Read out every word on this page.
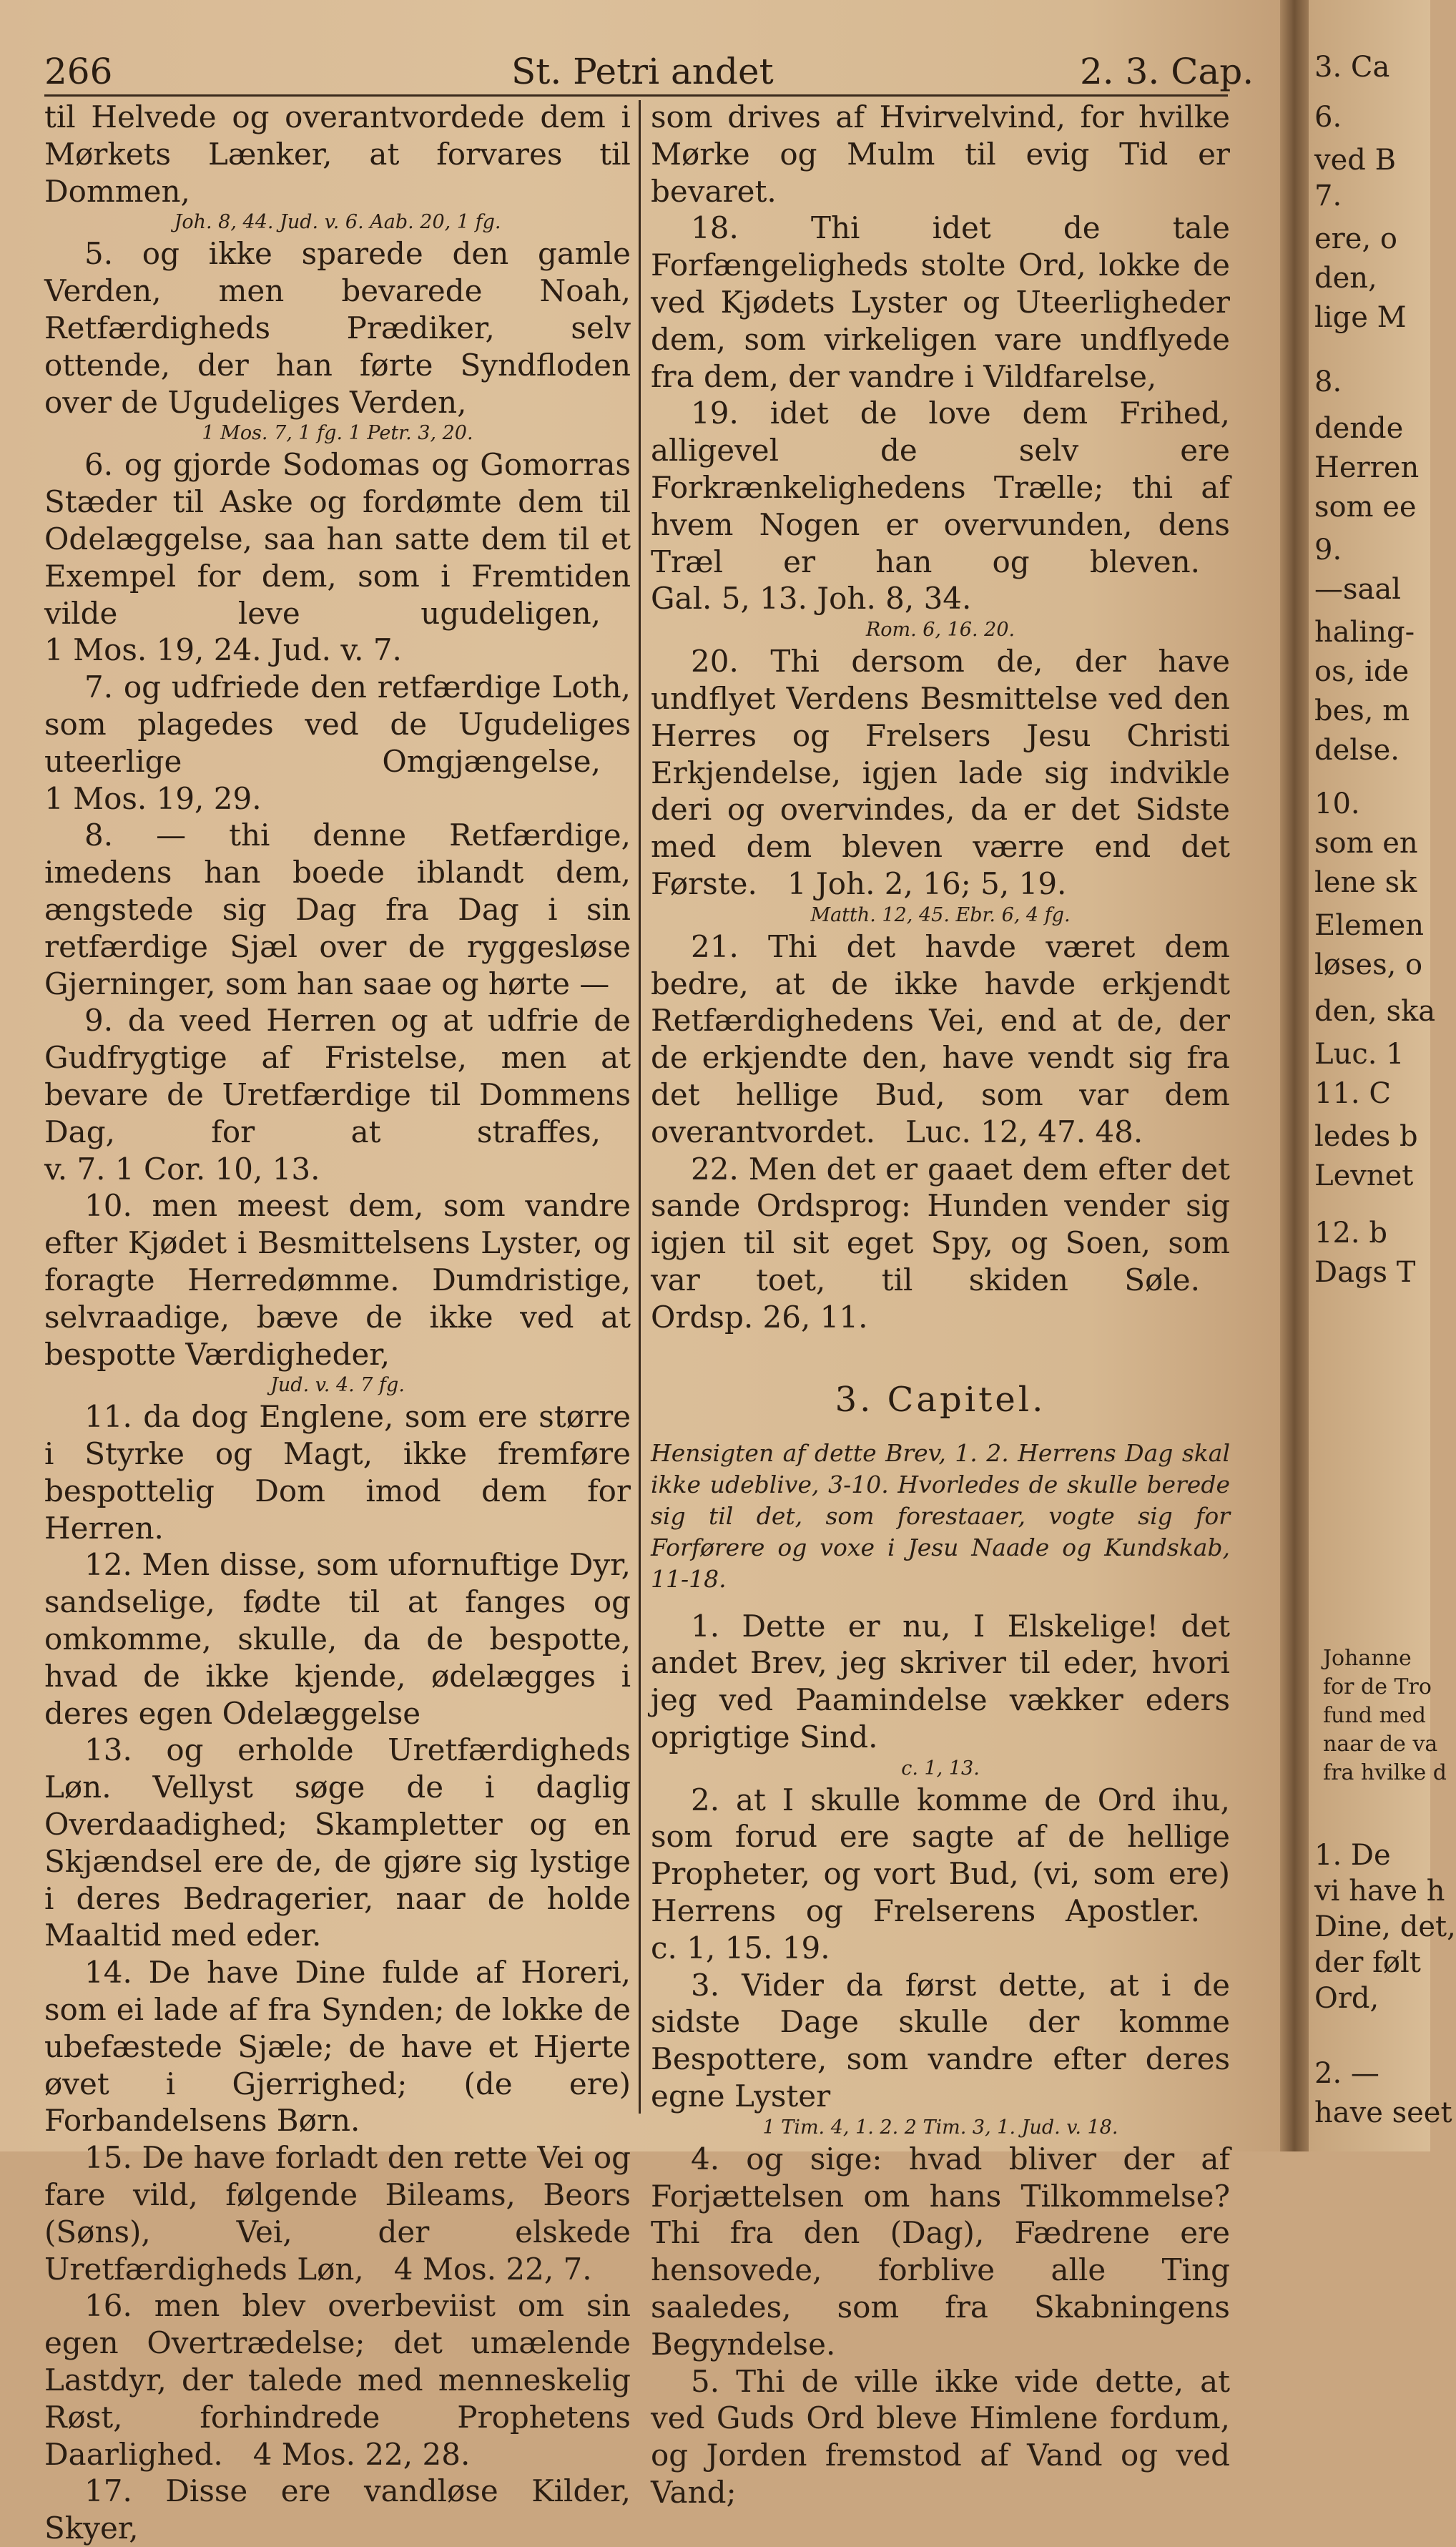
266	St. Petri andet	2. 3. Cap.

til Helvede og overantvordede dem i Mørkets Lænker, at forvares til Dommen,

Joh. 8, 44. Jud. v. 6. Aab. 20, 1 fg.

5. og ikke sparede den gamle Verden, men bevarede Noah, Retfærdigheds Prædiker, selv ottende, der han førte Syndfloden over de Ugudeliges Verden,

1 Mos. 7, 1 fg. 1 Petr. 3, 20.

6. og gjorde Sodomas og Gomorras Stæder til Aske og fordømte dem til Odelæggelse, saa han satte dem til et Exempel for dem, som i Fremtiden vilde leve ugudeligen, 1 Mos. 19, 24. Jud. v. 7.

7. og udfriede den retfærdige Loth, som plagedes ved de Ugudeliges uteerlige Omgjængelse, 1 Mos. 19, 29.

8. — thi denne Retfærdige, imedens han boede iblandt dem, ængstede sig Dag fra Dag i sin retfærdige Sjæl over de ryggesløse Gjerninger, som han saae og hørte —

9. da veed Herren og at udfrie de Gudfrygtige af Fristelse, men at bevare de Uretfærdige til Dommens Dag, for at straffes, v. 7. 1 Cor. 10, 13.

10. men meest dem, som vandre efter Kjødet i Besmittelsens Lyster, og foragte Herredømme. Dumdristige, selvraadige, bæve de ikke ved at bespotte Værdigheder,

Jud. v. 4. 7 fg.

11. da dog Englene, som ere større i Styrke og Magt, ikke fremføre bespottelig Dom imod dem for Herren.

12. Men disse, som ufornuftige Dyr, sandselige, fødte til at fanges og omkomme, skulle, da de bespotte, hvad de ikke kjende, ødelægges i deres egen Odelæggelse

13. og erholde Uretfærdigheds Løn. Vellyst søge de i daglig Overdaadighed; Skampletter og en Skjændsel ere de, de gjøre sig lystige i deres Bedragerier, naar de holde Maaltid med eder.

14. De have Dine fulde af Horeri, som ei lade af fra Synden; de lokke de ubefæstede Sjæle; de have et Hjerte øvet i Gjerrighed; (de ere) Forbandelsens Børn.

15. De have forladt den rette Vei og fare vild, følgende Bileams, Beors (Søns), Vei, der elskede Uretfærdigheds Løn,  4 Mos. 22, 7.

16. men blev overbeviist om sin egen Overtrædelse; det umælende Lastdyr, der talede med menneskelig Røst, forhindrede Prophetens Daarlighed.  4 Mos. 22, 28.

17. Disse ere vandløse Kilder, Skyer,

som drives af Hvirvelvind, for hvilke Mørke og Mulm til evig Tid er bevaret.

18. Thi idet de tale Forfængeligheds stolte Ord, lokke de ved Kjødets Lyster og Uteerligheder dem, som virkeligen vare undflyede fra dem, der vandre i Vildfarelse,

19. idet de love dem Frihed, alligevel de selv ere Forkrænkelighedens Trælle; thi af hvem Nogen er overvunden, dens Træl er han og bleven. Gal. 5, 13. Joh. 8, 34.

Rom. 6, 16. 20.

20. Thi dersom de, der have undflyet Verdens Besmittelse ved den Herres og Frelsers Jesu Christi Erkjendelse, igjen lade sig indvikle deri og overvindes, da er det Sidste med dem bleven værre end det Første.  1 Joh. 2, 16; 5, 19.

Matth. 12, 45. Ebr. 6, 4 fg.

21. Thi det havde været dem bedre, at de ikke havde erkjendt Retfærdighedens Vei, end at de, der de erkjendte den, have vendt sig fra det hellige Bud, som var dem overantvordet.  Luc. 12, 47. 48.

22. Men det er gaaet dem efter det sande Ordsprog: Hunden vender sig igjen til sit eget Spy, og Soen, som var toet, til skiden Søle. Ordsp. 26, 11.

3. Capitel.

Hensigten af dette Brev, 1. 2. Herrens Dag skal ikke udeblive, 3-10. Hvorledes de skulle berede sig til det, som forestaaer, vogte sig for Forførere og voxe i Jesu Naade og Kundskab, 11-18.

1. Dette er nu, I Elskelige! det andet Brev, jeg skriver til eder, hvori jeg ved Paamindelse vækker eders oprigtige Sind.

c. 1, 13.

2. at I skulle komme de Ord ihu, som forud ere sagte af de hellige Propheter, og vort Bud, (vi, som ere) Herrens og Frelserens Apostler. c. 1, 15. 19.

3. Vider da først dette, at i de sidste Dage skulle der komme Bespottere, som vandre efter deres egne Lyster

1 Tim. 4, 1. 2. 2 Tim. 3, 1. Jud. v. 18.

4. og sige: hvad bliver der af Forjættelsen om hans Tilkommelse? Thi fra den (Dag), Fædrene ere hensovede, forblive alle Ting saaledes, som fra Skabningens Begyndelse.

5. Thi de ville ikke vide dette, at ved Guds Ord bleve Himlene fordum, og Jorden fremstod af Vand og ved Vand;

3. Ca
6.
ved B
7.
ere, o
den,
lige M
8.
dende
Herren
som ee
9.
—saal
haling-
os, ide
bes, m
delse.
10.
som en
lene sk
Elemen
løses, o
den, ska
Luc. 1
11. C
ledes b
Levnet
12. b
Dags T
Johanne
for de Tro
fund med
naar de va
fra hvilke d
1. De
vi have h
Dine, det,
der følt
Ord,
2. —
have seet
